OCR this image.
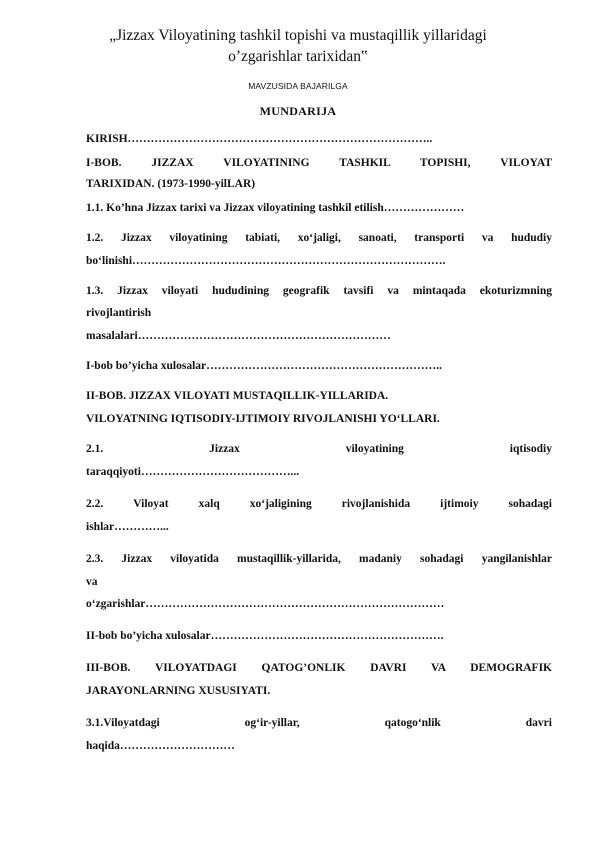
„Jizzax Viloyatining tashkil topishi va mustaqillik yillaridagi o’zgarishlar tarixidan‟
MAVZUSIDA BAJARILGA
MUNDARIJA
KIRISH……………………………………………………………………..
I-BOB. JIZZAX VILOYATINING TASHKIL TOPISHI, VILOYAT
TARIXIDAN. (1973-1990-yilLAR)
1.1. Ko’hna Jizzax tarixi va Jizzax viloyatining tashkil etilish…………………
1.2. Jizzax viloyatining tabiati, xo‘jaligi, sanoati, transporti va hududiy
bo‘linishi……………………………………………………………………….
1.3. Jizzax viloyati hududining geografik tavsifi va mintaqada ekoturizmning
rivojlantirish
masalalari…………………………………………………………
I-bob bo’yicha xulosalar……………………………………………………..
II-BOB. JIZZAX VILOYATI MUSTAQILLIK-YILLARIDA.
VILOYATNING IQTISODIY-IJTIMOIY RIVOJLANISHI YO‘LLARI.
2.1.	Jizzax	viloyatining	iqtisodiy
taraqqiyoti…………………………………...
2.2.	Viloyat	xalq	xo‘jaligining	rivojlanishida	ijtimoiy	sohadagi
ishlar…………...
2.3. Jizzax viloyatida mustaqillik-yillarida, madaniy sohadagi yangilanishlar
va
o‘zgarishlar……………………………………………………………………
II-bob bo’yicha xulosalar…………………………………………………….
III-BOB. VILOYATDAGI QATOG’ONLIK DAVRI VA DEMOGRAFIK
JARAYONLARNING XUSUSIYATI.
3.1.Viloyatdagi	og‘ir-yillar,	qatogo‘nlik	davri
haqida…………………………
